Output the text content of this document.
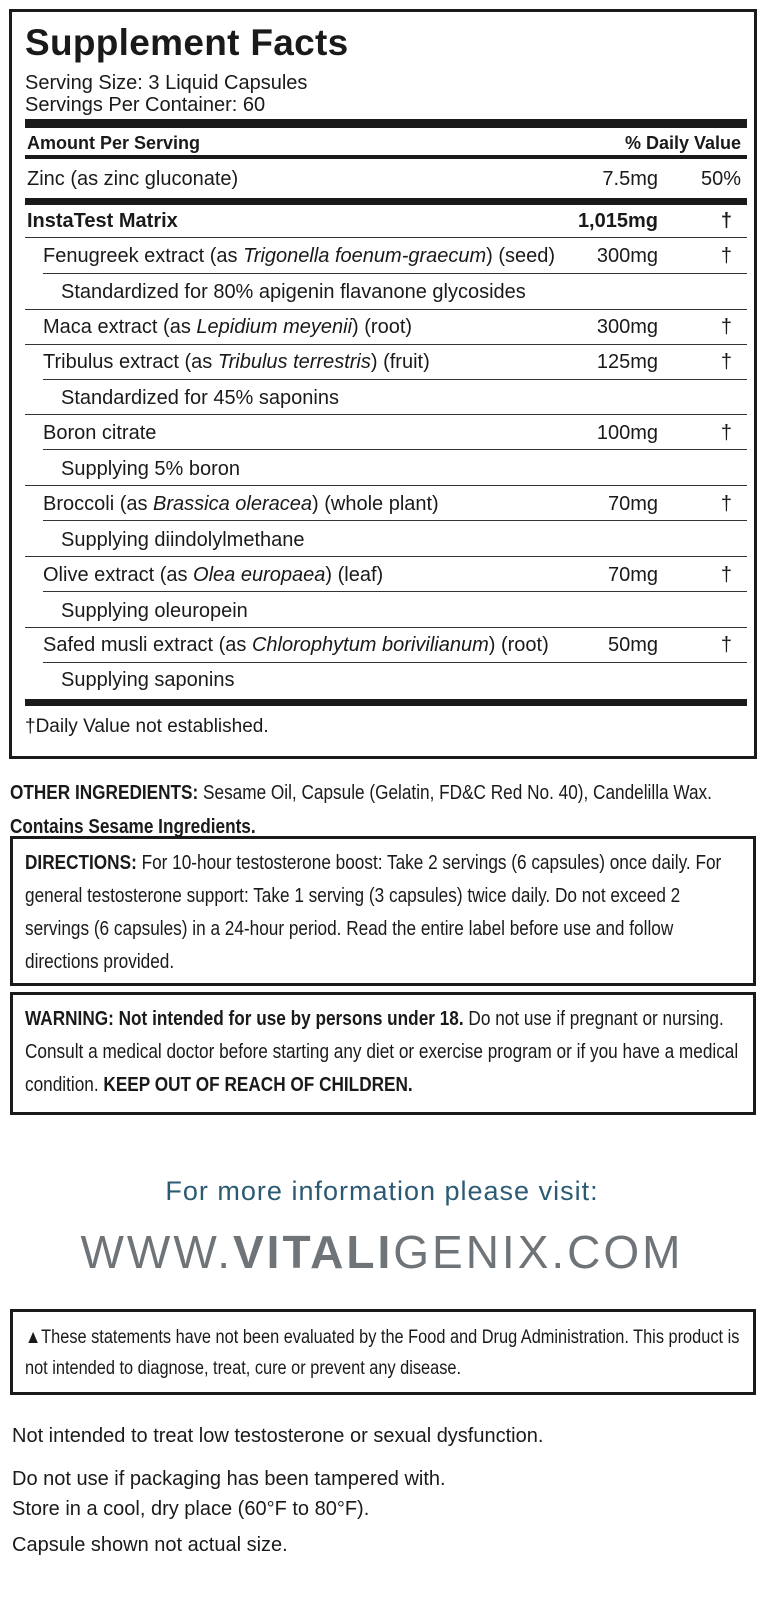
Supplement Facts
Serving Size: 3 Liquid Capsules
Servings Per Container: 60
Amount Per Serving	% Daily Value
Zinc (as zinc gluconate)	7.5mg 50%
InstaTest Matrix	1,015mg	†
Fenugreek extract (as Trigonella foenum-graecum) (seed) 300mg	†
Standardized for 80% apigenin flavanone glycosides
Maca extract (as Lepidium meyenii) (root)	300mg	†
Tribulus extract (as Tribulus terrestris) (fruit)	125mg	†
Standardized for 45% saponins
Boron citrate	100mg	†
Supplying 5% boron
Broccoli (as Brassica oleracea) (whole plant)	70mg	†
Supplying diindolylmethane
Olive extract (as Olea europaea) (leaf)	70mg	†
Supplying oleuropein
Safed musli extract (as Chlorophytum borivilianum) (root)	50mg	†
Supplying saponins
†Daily Value not established.
OTHER INGREDIENTS: Sesame Oil, Capsule (Gelatin, FD&C Red No. 40), Candelilla Wax.
Contains Sesame Ingredients.
DIRECTIONS: For 10-hour testosterone boost: Take 2 servings (6 capsules) once daily. For general testosterone support: Take 1 serving (3 capsules) twice daily. Do not exceed 2 servings (6 capsules) in a 24-hour period. Read the entire label before use and follow directions provided.
WARNING: Not intended for use by persons under 18. Do not use if pregnant or nursing. Consult a medical doctor before starting any diet or exercise program or if you have a medical condition. KEEP OUT OF REACH OF CHILDREN.
For more information please visit:
WWW.VITALIGENIX.COM
▲These statements have not been evaluated by the Food and Drug Administration. This product is not intended to diagnose, treat, cure or prevent any disease.
Not intended to treat low testosterone or sexual dysfunction.
Do not use if packaging has been tampered with.
Store in a cool, dry place (60°F to 80°F).
Capsule shown not actual size.
